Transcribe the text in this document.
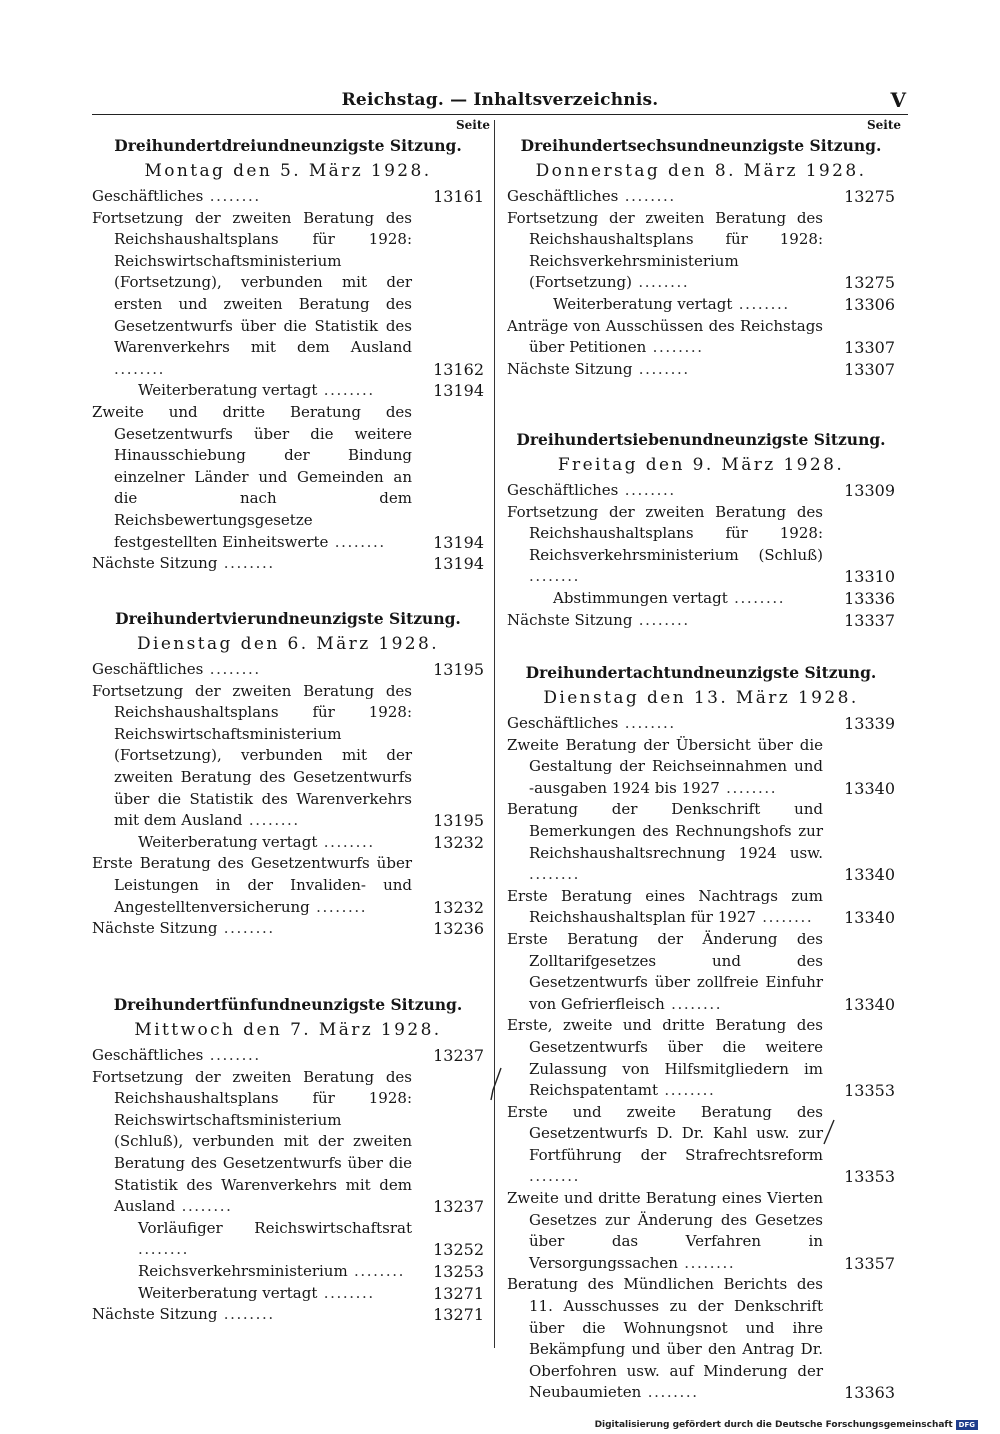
Reichstag. — Inhaltsverzeichnis.	V
Seite
Dreihundertdreiundneunzigste Sitzung.
Montag den 5. März 1928.
Geschäftliches ........	13161
Fortsetzung der zweiten Beratung des Reichshaushaltsplans für 1928: Reichswirtschaftsministerium (Fortsetzung), verbunden mit der ersten und zweiten Beratung des Gesetzentwurfs über die Statistik des Warenverkehrs mit dem Ausland ........	13162
Weiterberatung vertagt ........	13194
Zweite und dritte Beratung des Gesetzentwurfs über die weitere Hinausschiebung der Bindung einzelner Länder und Gemeinden an die nach dem Reichsbewertungsgesetze festgestellten Einheitswerte ........	13194
Nächste Sitzung ........	13194
Dreihundertvierundneunzigste Sitzung.
Dienstag den 6. März 1928.
Geschäftliches ........	13195
Fortsetzung der zweiten Beratung des Reichshaushaltsplans für 1928: Reichswirtschaftsministerium (Fortsetzung), verbunden mit der zweiten Beratung des Gesetzentwurfs über die Statistik des Warenverkehrs mit dem Ausland ........	13195
Weiterberatung vertagt ........	13232
Erste Beratung des Gesetzentwurfs über Leistungen in der Invaliden- und Angestelltenversicherung ........	13232
Nächste Sitzung ........	13236
Dreihundertfünfundneunzigste Sitzung.
Mittwoch den 7. März 1928.
Geschäftliches ........	13237
Fortsetzung der zweiten Beratung des Reichshaushaltsplans für 1928: Reichswirtschaftsministerium (Schluß), verbunden mit der zweiten Beratung des Gesetzentwurfs über die Statistik des Warenverkehrs mit dem Ausland ........	13237
Vorläufiger Reichswirtschaftsrat ........	13252
Reichsverkehrsministerium ........ 13253
Weiterberatung vertagt ........	13271
Nächste Sitzung ........	13271
Seite
Dreihundertsechsundneunzigste Sitzung.
Donnerstag den 8. März 1928.
Geschäftliches ........	13275
Fortsetzung der zweiten Beratung des Reichshaushaltsplans für 1928: Reichsverkehrsministerium (Fortsetzung) ........	13275
Weiterberatung vertagt ........	13306
Anträge von Ausschüssen des Reichstags über Petitionen ........	13307
Nächste Sitzung ........	13307
Dreihundertsiebenundneunzigste Sitzung.
Freitag den 9. März 1928.
Geschäftliches ........	13309
Fortsetzung der zweiten Beratung des Reichshaushaltsplans für 1928: Reichsverkehrsministerium (Schluß) ........	13310
Abstimmungen vertagt ........	13336
Nächste Sitzung ........	13337
Dreihundertachtundneunzigste Sitzung.
Dienstag den 13. März 1928.
Geschäftliches ........	13339
Zweite Beratung der Übersicht über die Gestaltung der Reichseinnahmen und -ausgaben 1924 bis 1927 ........	13340
Beratung der Denkschrift und Bemerkungen des Rechnungshofs zur Reichshaushaltsrechnung 1924 usw. ........	13340
Erste Beratung eines Nachtrags zum Reichshaushaltsplan für 1927 ........ 13340
Erste Beratung der Änderung des Zolltarifgesetzes und des Gesetzentwurfs über zollfreie Einfuhr von Gefrierfleisch ........	13340
Erste, zweite und dritte Beratung des Gesetzentwurfs über die weitere Zulassung von Hilfsmitgliedern im Reichspatentamt ........	13353
Erste und zweite Beratung des Gesetzentwurfs D. Dr. Kahl usw. zur Fortführung der Strafrechtsreform ........	13353
Zweite und dritte Beratung eines Vierten Gesetzes zur Änderung des Gesetzes über das Verfahren in Versorgungssachen ........	13357
Beratung des Mündlichen Berichts des 11. Ausschusses zu der Denkschrift über die Wohnungsnot und ihre Bekämpfung und über den Antrag Dr. Oberfohren usw. auf Minderung der Neubaumieten ........	13363
Digitalisierung gefördert durch die Deutsche Forschungsgemeinschaft DFG
